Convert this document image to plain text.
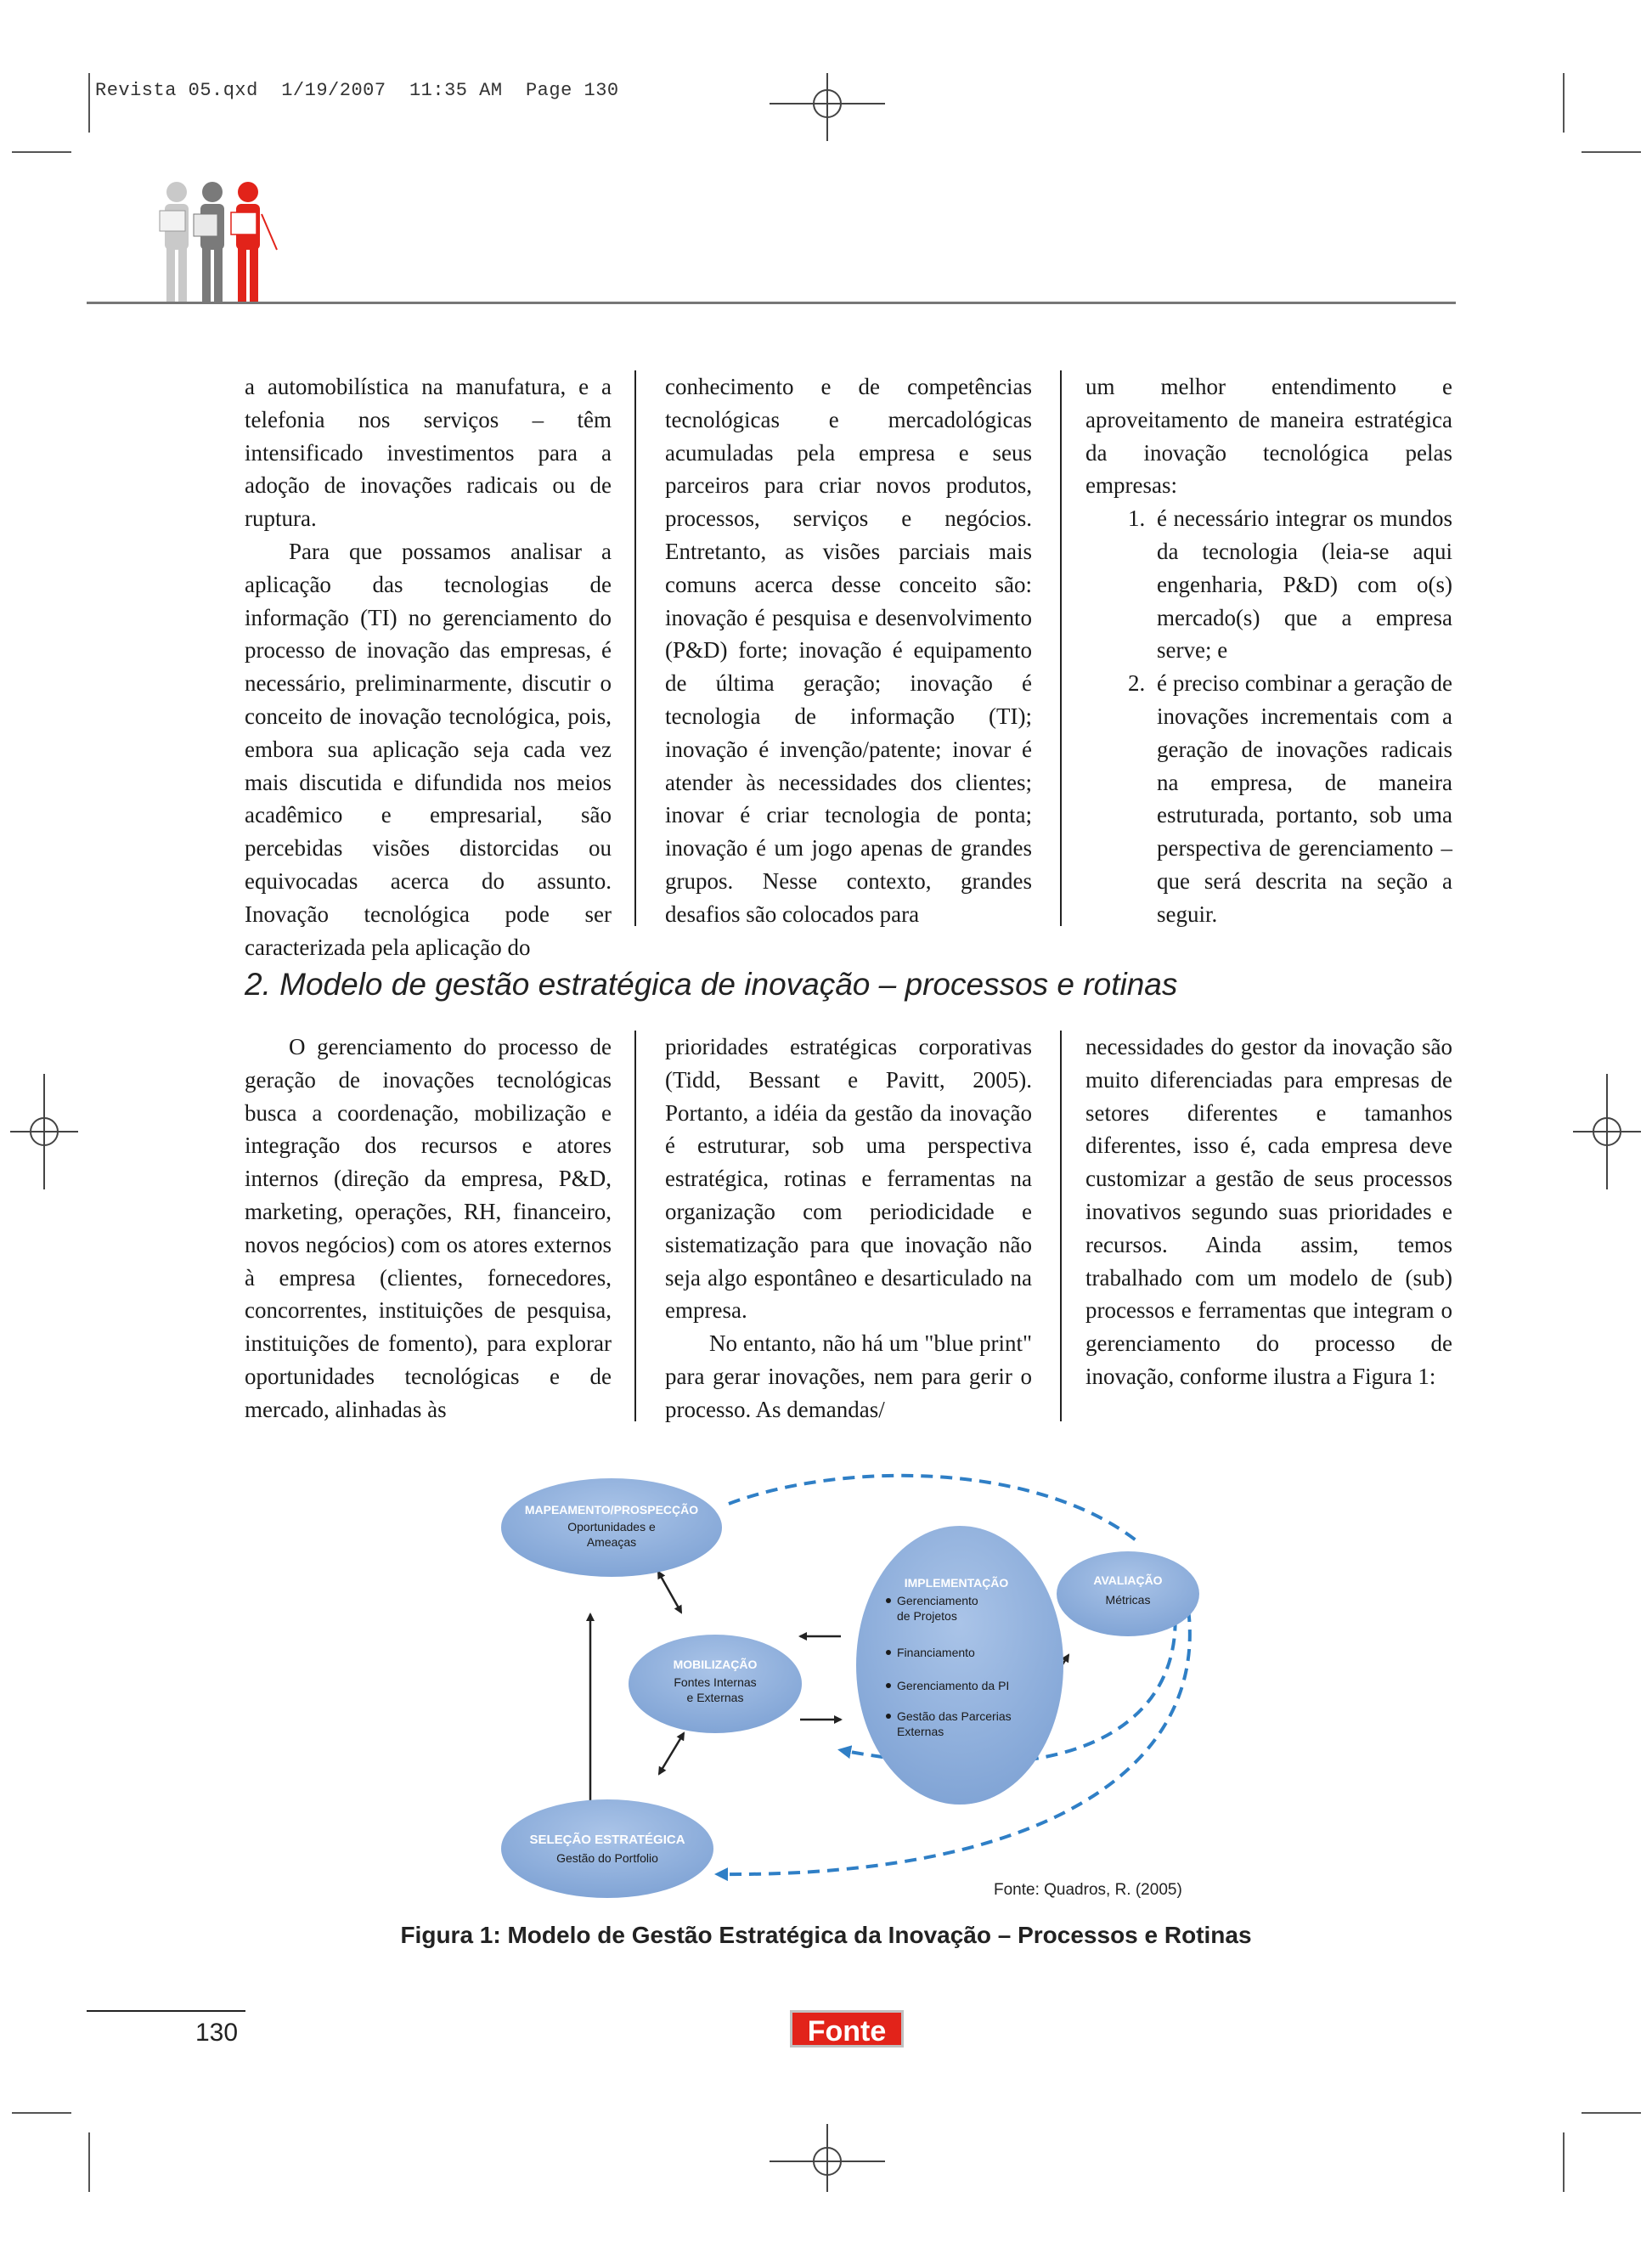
Revista 05.qxd  1/19/2007  11:35 AM  Page 130

a automobilística na manufatura, e a telefonia nos serviços – têm intensificado investimentos para a adoção de inovações radicais ou de ruptura.

Para que possamos analisar a aplicação das tecnologias de informação (TI) no gerenciamento do processo de inovação das empresas, é necessário, preliminarmente, discutir o conceito de inovação tecnológica, pois, embora sua aplicação seja cada vez mais discutida e difundida nos meios acadêmico e empresarial, são percebidas visões distorcidas ou equivocadas acerca do assunto. Inovação tecnológica pode ser caracterizada pela aplicação do

conhecimento e de competências tecnológicas e mercadológicas acumuladas pela empresa e seus parceiros para criar novos produtos, processos, serviços e negócios. Entretanto, as visões parciais mais comuns acerca desse conceito são: inovação é pesquisa e desenvolvimento (P&D) forte; inovação é equipamento de última geração; inovação é tecnologia de informação (TI); inovação é invenção/patente; inovar é atender às necessidades dos clientes; inovar é criar tecnologia de ponta; inovação é um jogo apenas de grandes grupos. Nesse contexto, grandes desafios são colocados para

um melhor entendimento e aproveitamento de maneira estratégica da inovação tecnológica pelas empresas:

1. é necessário integrar os mundos da tecnologia (leia-se aqui engenharia, P&D) com o(s) mercado(s) que a empresa serve; e
2. é preciso combinar a geração de inovações incrementais com a geração de inovações radicais na empresa, de maneira estruturada, portanto, sob uma perspectiva de gerenciamento – que será descrita na seção a seguir.
2. Modelo de gestão estratégica de inovação – processos e rotinas

O gerenciamento do processo de geração de inovações tecnológicas busca a coordenação, mobilização e integração dos recursos e atores internos (direção da empresa, P&D, marketing, operações, RH, financeiro, novos negócios) com os atores externos à empresa (clientes, fornecedores, concorrentes, instituições de pesquisa, instituições de fomento), para explorar oportunidades tecnológicas e de mercado, alinhadas às

prioridades estratégicas corporativas (Tidd, Bessant e Pavitt, 2005). Portanto, a idéia da gestão da inovação é estruturar, sob uma perspectiva estratégica, rotinas e ferramentas na organização com periodicidade e sistematização para que inovação não seja algo espontâneo e desarticulado na empresa.

No entanto, não há um "blue print" para gerar inovações, nem para gerir o processo. As demandas/

necessidades do gestor da inovação são muito diferenciadas para empresas de setores diferentes e tamanhos diferentes, isso é, cada empresa deve customizar a gestão de seus processos inovativos segundo suas prioridades e recursos. Ainda assim, temos trabalhado com um modelo de (sub) processos e ferramentas que integram o gerenciamento do processo de inovação, conforme ilustra a Figura 1:

MAPEAMENTO/PROSPECÇÃO
Oportunidades e
Ameaças
MOBILIZAÇÃO
Fontes Internas
e Externas
SELEÇÃO ESTRATÉGICA
Gestão do Portfolio
IMPLEMENTAÇÃO
Gerenciamento
de Projetos
Financiamento
Gerenciamento da PI
Gestão das Parcerias
Externas
AVALIAÇÃO
Métricas
Fonte: Quadros, R. (2005)
Figura 1: Modelo de Gestão Estratégica da Inovação – Processos e Rotinas
130	Fonte
